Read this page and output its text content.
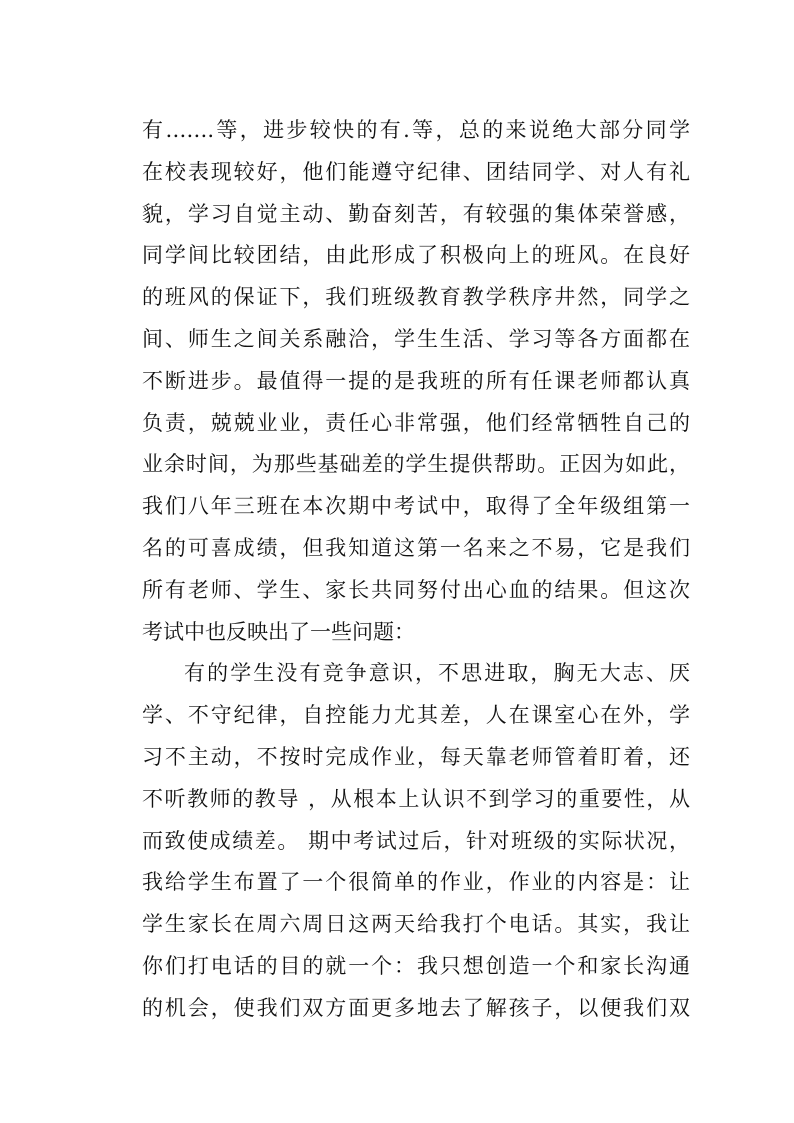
有…….等，进步较快的有.等，总的来说绝大部分同学
在校表现较好，他们能遵守纪律、团结同学、对人有礼
貌，学习自觉主动、勤奋刻苦，有较强的集体荣誉感，
同学间比较团结，由此形成了积极向上的班风。在良好
的班风的保证下，我们班级教育教学秩序井然，同学之
间、师生之间关系融洽，学生生活、学习等各方面都在
不断进步。最值得一提的是我班的所有任课老师都认真
负责，兢兢业业，责任心非常强，他们经常牺牲自己的
业余时间，为那些基础差的学生提供帮助。正因为如此，
我们八年三班在本次期中考试中，取得了全年级组第一
名的可喜成绩，但我知道这第一名来之不易，它是我们
所有老师、学生、家长共同努付出心血的结果。但这次
考试中也反映出了一些问题：
有的学生没有竞争意识，不思进取，胸无大志、厌
学、不守纪律，自控能力尤其差，人在课室心在外，学
习不主动，不按时完成作业，每天靠老师管着盯着，还
不听教师的教导 ，从根本上认识不到学习的重要性，从
而致使成绩差。 期中考试过后，针对班级的实际状况，
我给学生布置了一个很简单的作业，作业的内容是：让
学生家长在周六周日这两天给我打个电话。其实，我让
你们打电话的目的就一个：我只想创造一个和家长沟通
的机会，使我们双方面更多地去了解孩子，以便我们双
